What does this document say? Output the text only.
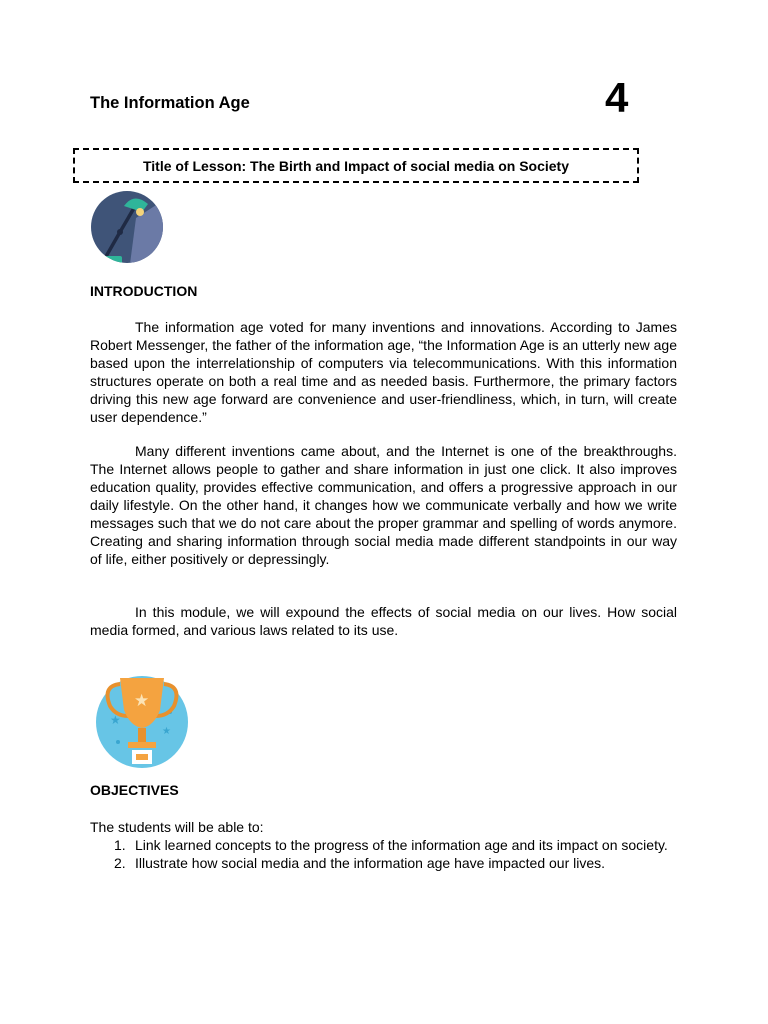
The Information Age	4
Title of Lesson: The Birth and Impact of social media on Society
INTRODUCTION

The information age voted for many inventions and innovations. According to James Robert Messenger, the father of the information age, “the Information Age is an utterly new age based upon the interrelationship of computers via telecommunications. With this information structures operate on both a real time and as needed basis. Furthermore, the primary factors driving this new age forward are convenience and user-friendliness, which, in turn, will create user dependence.”

Many different inventions came about, and the Internet is one of the breakthroughs. The Internet allows people to gather and share information in just one click. It also improves education quality, provides effective communication, and offers a progressive approach in our daily lifestyle. On the other hand, it changes how we communicate verbally and how we write messages such that we do not care about the proper grammar and spelling of words anymore. Creating and sharing information through social media made different standpoints in our way of life, either positively or depressingly.

In this module, we will expound the effects of social media on our lives. How social media formed, and various laws related to its use.

★
★
★
OBJECTIVES

The students will be able to:

1. Link learned concepts to the progress of the information age and its impact on society.
2. Illustrate how social media and the information age have impacted our lives.
